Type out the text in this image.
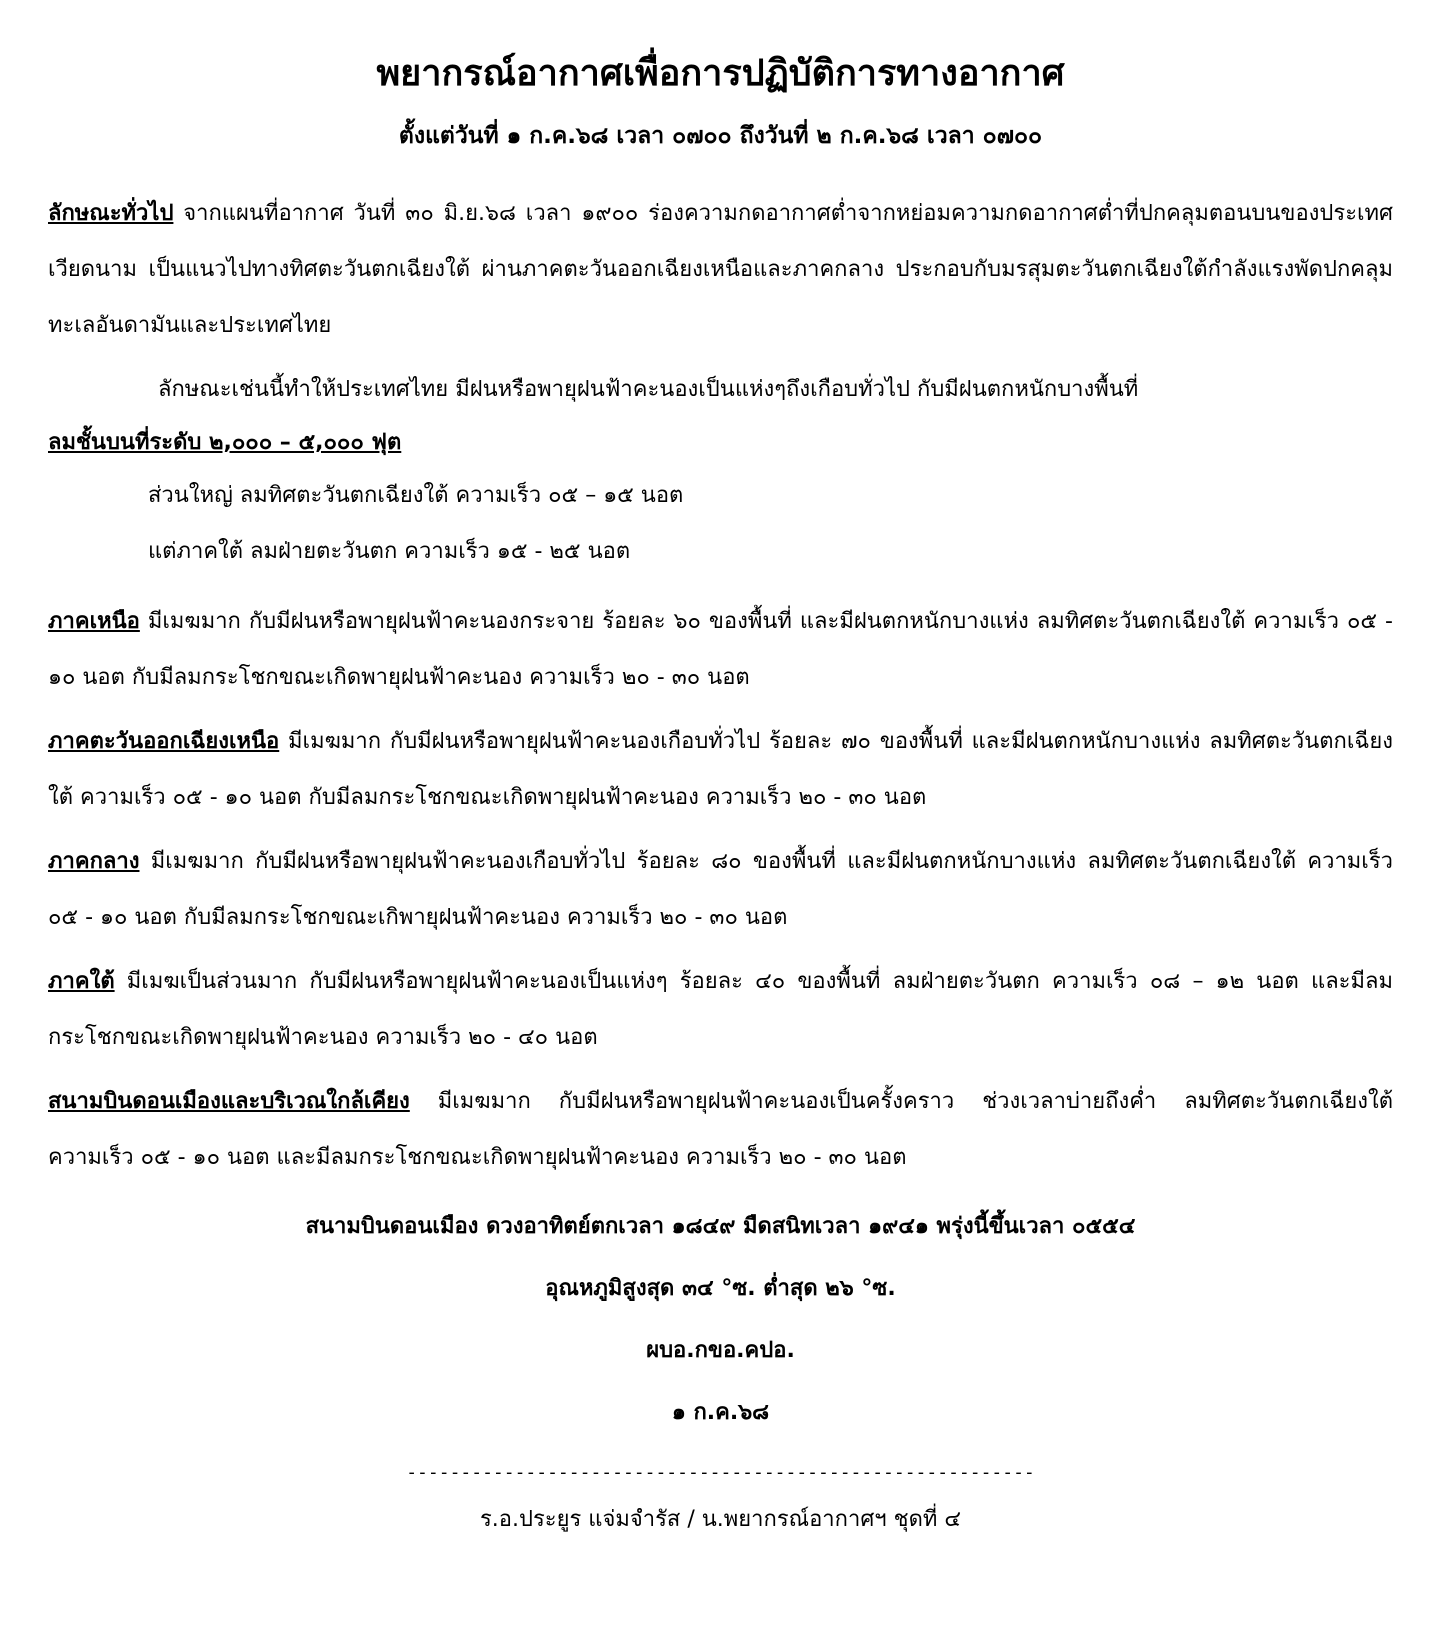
พยากรณ์อากาศเพื่อการปฏิบัติการทางอากาศ
ตั้งแต่วันที่ ๑ ก.ค.๖๘ เวลา ๐๗๐๐ ถึงวันที่ ๒ ก.ค.๖๘ เวลา ๐๗๐๐

ลักษณะทั่วไป จากแผนที่อากาศ วันที่ ๓๐ มิ.ย.๖๘ เวลา ๑๙๐๐ ร่องความกดอากาศต่ำจากหย่อมความกดอากาศต่ำที่ปกคลุมตอนบนของประเทศเวียดนาม เป็นแนวไปทางทิศตะวันตกเฉียงใต้ ผ่านภาคตะวันออกเฉียงเหนือและภาคกลาง ประกอบกับมรสุมตะวันตกเฉียงใต้กำลังแรงพัดปกคลุมทะเลอันดามันและประเทศไทย

ลักษณะเช่นนี้ทำให้ประเทศไทย มีฝนหรือพายุฝนฟ้าคะนองเป็นแห่งๆถึงเกือบทั่วไป กับมีฝนตกหนักบางพื้นที่

ลมชั้นบนที่ระดับ ๒,๐๐๐ – ๕,๐๐๐ ฟุต
ส่วนใหญ่ ลมทิศตะวันตกเฉียงใต้ ความเร็ว ๐๕ – ๑๕ นอต
แต่ภาคใต้ ลมฝ่ายตะวันตก ความเร็ว ๑๕ - ๒๕ นอต

ภาคเหนือ มีเมฆมาก กับมีฝนหรือพายุฝนฟ้าคะนองกระจาย ร้อยละ ๖๐ ของพื้นที่ และมีฝนตกหนักบางแห่ง ลมทิศตะวันตกเฉียงใต้ ความเร็ว ๐๕ - ๑๐ นอต กับมีลมกระโชกขณะเกิดพายุฝนฟ้าคะนอง ความเร็ว ๒๐ - ๓๐ นอต

ภาคตะวันออกเฉียงเหนือ มีเมฆมาก กับมีฝนหรือพายุฝนฟ้าคะนองเกือบทั่วไป ร้อยละ ๗๐ ของพื้นที่ และมีฝนตกหนักบางแห่ง ลมทิศตะวันตกเฉียงใต้ ความเร็ว ๐๕ - ๑๐ นอต กับมีลมกระโชกขณะเกิดพายุฝนฟ้าคะนอง ความเร็ว ๒๐ - ๓๐ นอต

ภาคกลาง มีเมฆมาก กับมีฝนหรือพายุฝนฟ้าคะนองเกือบทั่วไป ร้อยละ ๘๐ ของพื้นที่ และมีฝนตกหนักบางแห่ง ลมทิศตะวันตกเฉียงใต้ ความเร็ว ๐๕ - ๑๐ นอต กับมีลมกระโชกขณะเกิพายุฝนฟ้าคะนอง ความเร็ว ๒๐ - ๓๐ นอต

ภาคใต้ มีเมฆเป็นส่วนมาก กับมีฝนหรือพายุฝนฟ้าคะนองเป็นแห่งๆ ร้อยละ ๔๐ ของพื้นที่ ลมฝ่ายตะวันตก ความเร็ว ๐๘ – ๑๒ นอต และมีลมกระโชกขณะเกิดพายุฝนฟ้าคะนอง ความเร็ว ๒๐ - ๔๐ นอต

สนามบินดอนเมืองและบริเวณใกล้เคียง มีเมฆมาก กับมีฝนหรือพายุฝนฟ้าคะนองเป็นครั้งคราว ช่วงเวลาบ่ายถึงค่ำ ลมทิศตะวันตกเฉียงใต้ ความเร็ว ๐๕ - ๑๐ นอต และมีลมกระโชกขณะเกิดพายุฝนฟ้าคะนอง ความเร็ว ๒๐ - ๓๐ นอต

สนามบินดอนเมือง ดวงอาทิตย์ตกเวลา ๑๘๔๙ มืดสนิทเวลา ๑๙๔๑ พรุ่งนี้ขึ้นเวลา ๐๕๕๔
อุณหภูมิสูงสุด ๓๔ °ซ. ต่ำสุด ๒๖ °ซ.
ผบอ.กขอ.คปอ.
๑ ก.ค.๖๘
----------------------------------------------------------
ร.อ.ประยูร แจ่มจำรัส / น.พยากรณ์อากาศฯ ชุดที่ ๔
